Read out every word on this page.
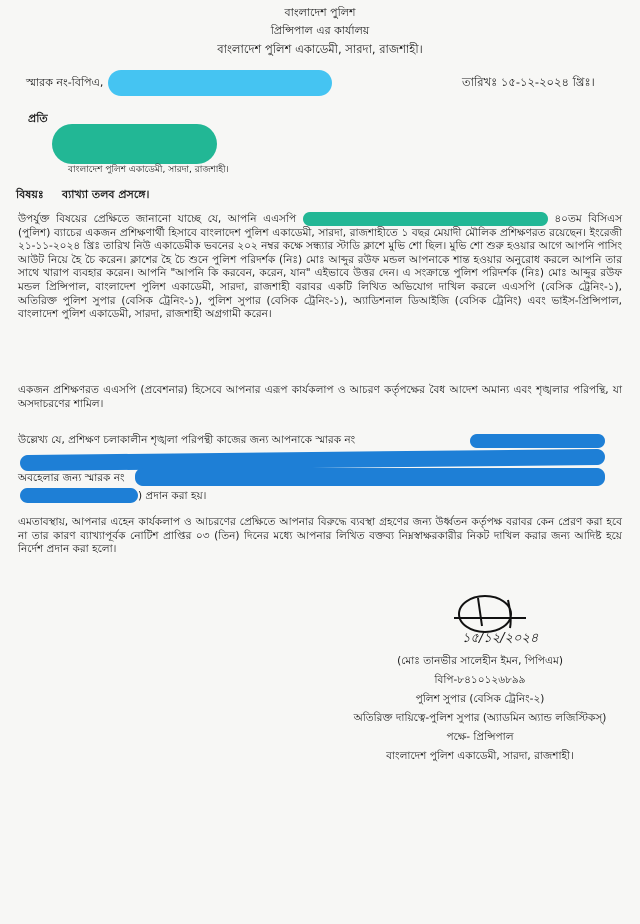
বাংলাদেশ পুলিশ
প্রিন্সিপাল এর কার্যালয়
বাংলাদেশ পুলিশ একাডেমী, সারদা, রাজশাহী।
স্মারক নং-বিপিএ,	তারিখঃ ১৫-১২-২০২৪ খ্রিঃ।
প্রতি
বাংলাদেশ পুলিশ একাডেমী, সারদা, রাজশাহী।
বিষয়ঃ ব্যাখ্যা তলব প্রসঙ্গে।
উপর্যুক্ত বিষয়ের প্রেক্ষিতে জানানো যাচ্ছে যে, আপনি এএসপি	৪০তম বিসিএস (পুলিশ) ব্যাচের একজন প্রশিক্ষণার্থী হিসাবে বাংলাদেশ পুলিশ একাডেমী, সারদা, রাজশাহীতে ১ বছর মেয়াদী মৌলিক প্রশিক্ষণরত রয়েছেন। ইংরেজী ২১-১১-২০২৪ খ্রিঃ তারিখ নিউ একাডেমীক ভবনের ২০২ নম্বর কক্ষে সন্ধ্যার স্টাডি ক্লাশে মুভি শো ছিল। মুভি শো শুরু হওয়ার আগে আপনি পাসিং আউট নিয়ে হৈ চৈ করেন। ক্লাশের হৈ চৈ শুনে পুলিশ পরিদর্শক (নিঃ) মোঃ আব্দুর রউফ মন্ডল আপনাকে শান্ত হওয়ার অনুরোধ করলে আপনি তার সাথে খারাপ ব্যবহার করেন। আপনি "আপনি কি করবেন, করেন, যান" এইভাবে উত্তর দেন। এ সংক্রান্তে পুলিশ পরিদর্শক (নিঃ) মোঃ আব্দুর রউফ মন্ডল প্রিন্সিপাল, বাংলাদেশ পুলিশ একাডেমী, সারদা, রাজশাহী বরাবর একটি লিখিত অভিযোগ দাখিল করলে এএসপি (বেসিক ট্রেনিং-১), অতিরিক্ত পুলিশ সুপার (বেসিক ট্রেনিং-১), পুলিশ সুপার (বেসিক ট্রেনিং-১), অ্যাডিশনাল ডিআইজি (বেসিক ট্রেনিং) এবং ভাইস-প্রিন্সিপাল, বাংলাদেশ পুলিশ একাডেমী, সারদা, রাজশাহী অগ্রগামী করেন।
একজন প্রশিক্ষণরত এএসপি (প্রবেশনার) হিসেবে আপনার এরূপ কার্যকলাপ ও আচরণ কর্তৃপক্ষের বৈধ আদেশ অমান্য এবং শৃঙ্খলার পরিপন্থি, যা অসদাচরণের শামিল।
উল্লেখ্য যে, প্রশিক্ষণ চলাকালীন শৃঙ্খলা পরিপন্থী কাজের জন্য আপনাকে স্মারক নং
অবহেলার জন্য স্মারক নং
) প্রদান করা হয়।
এমতাবস্থায়, আপনার এহেন কার্যকলাপ ও আচরণের প্রেক্ষিতে আপনার বিরুদ্ধে ব্যবস্থা গ্রহণের জন্য উর্ধ্বতন কর্তৃপক্ষ বরাবর কেন প্রেরণ করা হবে না তার কারণ ব্যাখ্যাপূর্বক নোটিশ প্রাপ্তির ০৩ (তিন) দিনের মধ্যে আপনার লিখিত বক্তব্য নিম্নস্বাক্ষরকারীর নিকট দাখিল করার জন্য আদিষ্ট হয়ে নির্দেশ প্রদান করা হলো।
১৫/১২/২০২৪
(মোঃ তানভীর সালেহীন ইমন, পিপিএম)
বিপি-৮৪১০১২৬৮৯৯
পুলিশ সুপার (বেসিক ট্রেনিং-২)
অতিরিক্ত দায়িত্বে-পুলিশ সুপার (অ্যাডমিন অ্যান্ড লজিস্টিকস্)
পক্ষে- প্রিন্সিপাল
বাংলাদেশ পুলিশ একাডেমী, সারদা, রাজশাহী।
